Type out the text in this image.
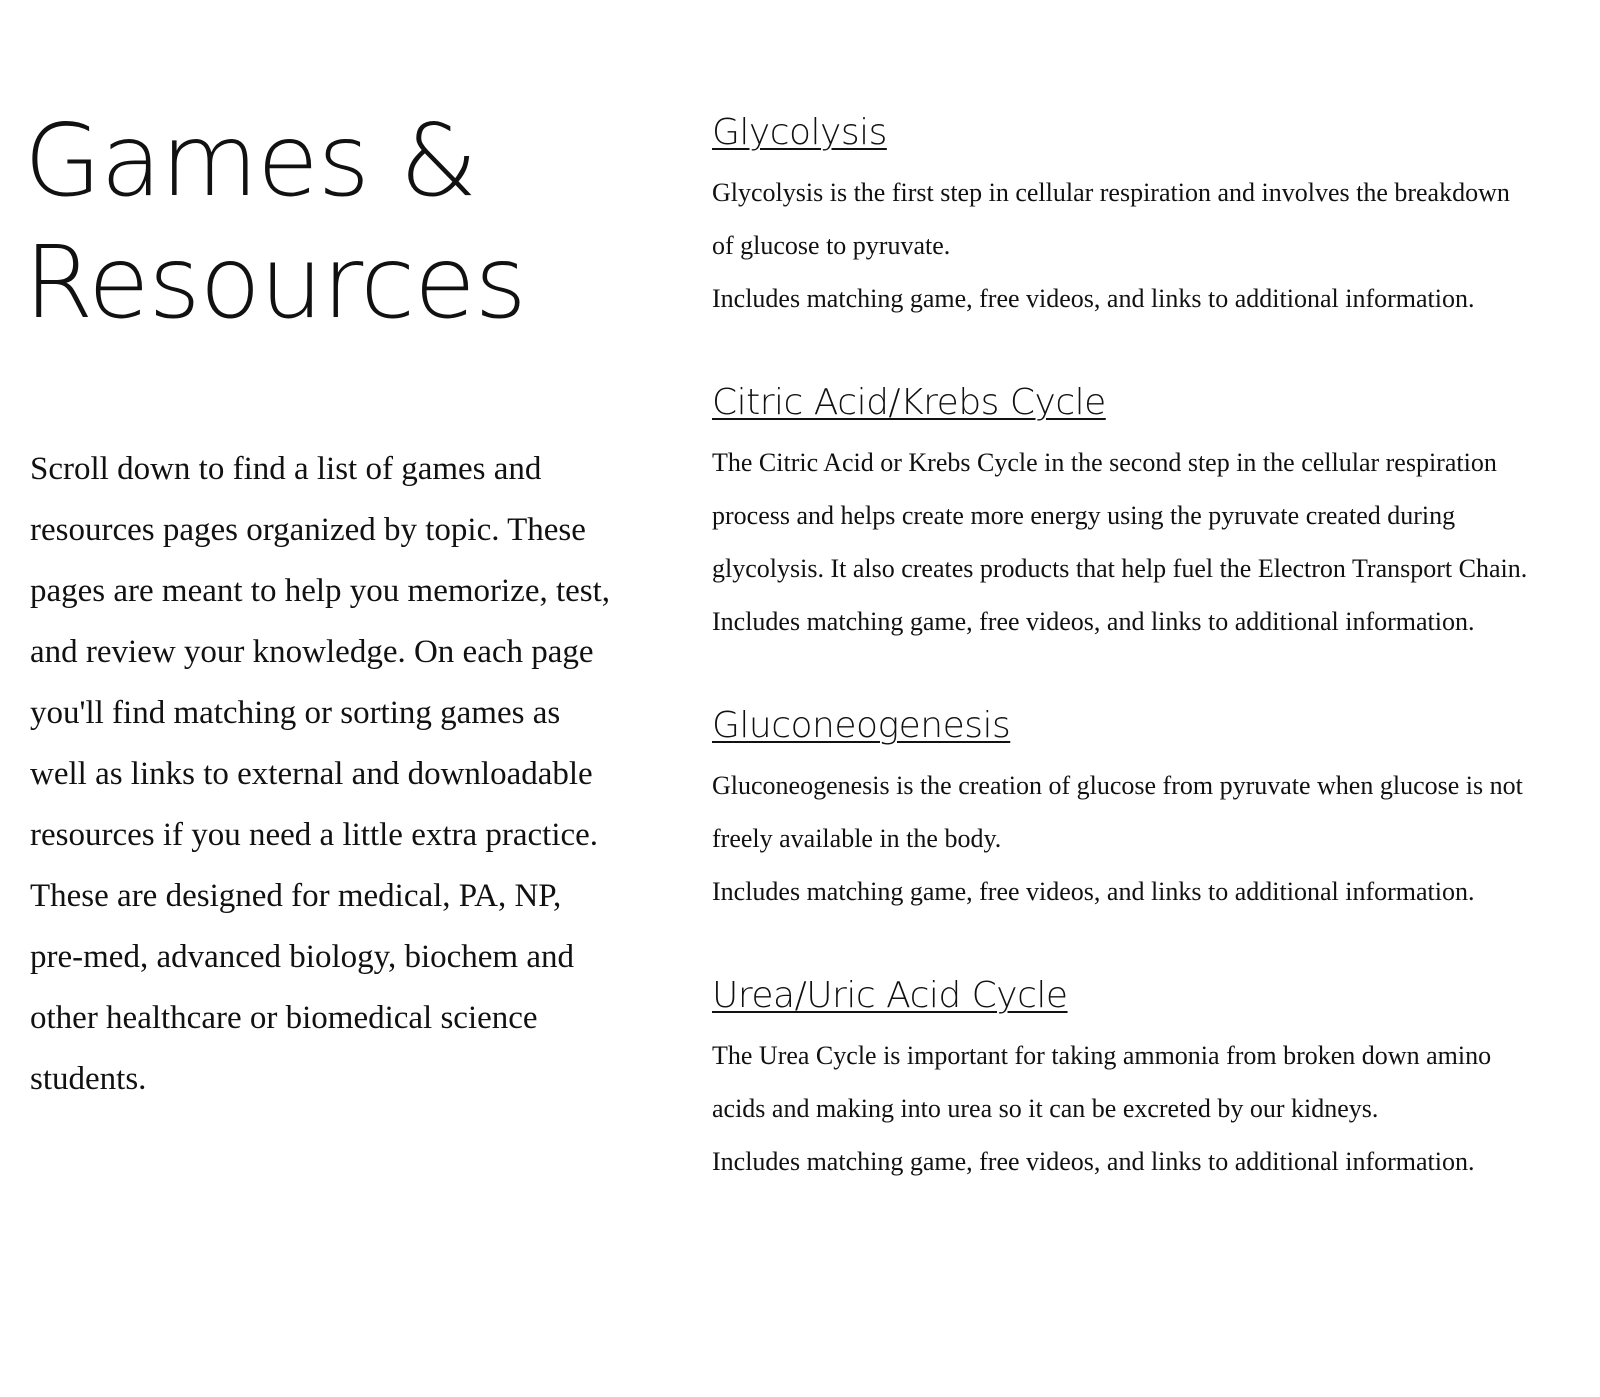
Games &
Resources

Scroll down to find a list of games and resources pages organized by topic. These pages are meant to help you memorize, test, and review your knowledge. On each page you'll find matching or sorting games as well as links to external and downloadable resources if you need a little extra practice.

These are designed for medical, PA, NP, pre-med, advanced biology, biochem and other healthcare or biomedical science students.

Glycolysis

Glycolysis is the first step in cellular respiration and involves the breakdown of glucose to pyruvate.

Includes matching game, free videos, and links to additional information.

Citric Acid/Krebs Cycle

The Citric Acid or Krebs Cycle in the second step in the cellular respiration process and helps create more energy using the pyruvate created during glycolysis. It also creates products that help fuel the Electron Transport Chain.

Includes matching game, free videos, and links to additional information.

Gluconeogenesis

Gluconeogenesis is the creation of glucose from pyruvate when glucose is not freely available in the body.

Includes matching game, free videos, and links to additional information.

Urea/Uric Acid Cycle

The Urea Cycle is important for taking ammonia from broken down amino acids and making into urea so it can be excreted by our kidneys.

Includes matching game, free videos, and links to additional information.
